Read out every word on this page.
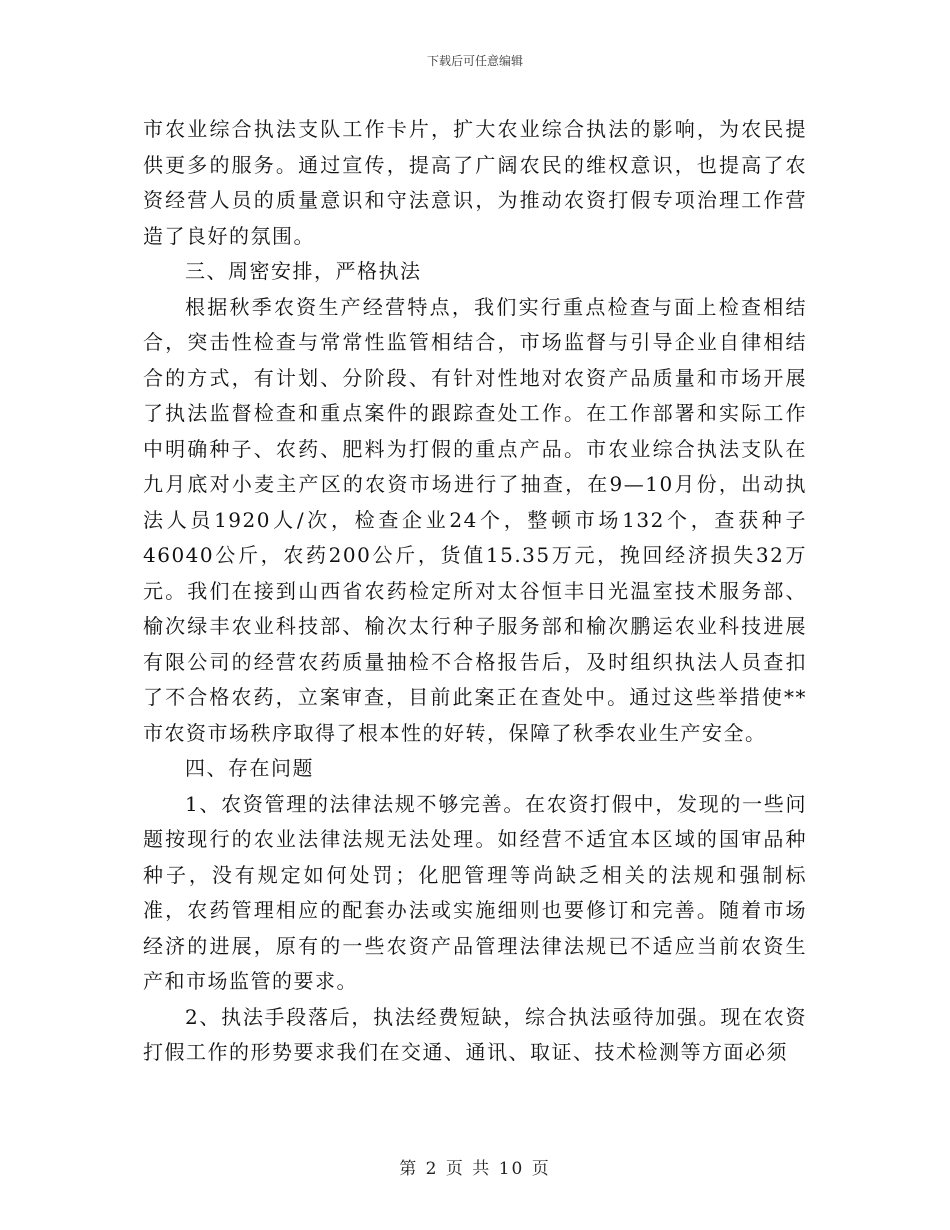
下载后可任意编辑

市农业综合执法支队工作卡片，扩大农业综合执法的影响，为农民提供更多的服务。通过宣传，提高了广阔农民的维权意识，也提高了农资经营人员的质量意识和守法意识，为推动农资打假专项治理工作营造了良好的氛围。

三、周密安排，严格执法

根据秋季农资生产经营特点，我们实行重点检查与面上检查相结合，突击性检查与常常性监管相结合，市场监督与引导企业自律相结合的方式，有计划、分阶段、有针对性地对农资产品质量和市场开展了执法监督检查和重点案件的跟踪查处工作。在工作部署和实际工作中明确种子、农药、肥料为打假的重点产品。市农业综合执法支队在九月底对小麦主产区的农资市场进行了抽查，在9—10月份，出动执法人员1920人/次，检查企业24个，整顿市场132个，查获种子46040公斤，农药200公斤，货值15.35万元，挽回经济损失32万元。我们在接到山西省农药检定所对太谷恒丰日光温室技术服务部、榆次绿丰农业科技部、榆次太行种子服务部和榆次鹏运农业科技进展有限公司的经营农药质量抽检不合格报告后，及时组织执法人员查扣了不合格农药，立案审查，目前此案正在查处中。通过这些举措使**市农资市场秩序取得了根本性的好转，保障了秋季农业生产安全。

四、存在问题

1、农资管理的法律法规不够完善。在农资打假中，发现的一些问题按现行的农业法律法规无法处理。如经营不适宜本区域的国审品种种子，没有规定如何处罚；化肥管理等尚缺乏相关的法规和强制标准，农药管理相应的配套办法或实施细则也要修订和完善。随着市场经济的进展，原有的一些农资产品管理法律法规已不适应当前农资生产和市场监管的要求。

2、执法手段落后，执法经费短缺，综合执法亟待加强。现在农资打假工作的形势要求我们在交通、通讯、取证、技术检测等方面必须

第 2 页 共 10 页
